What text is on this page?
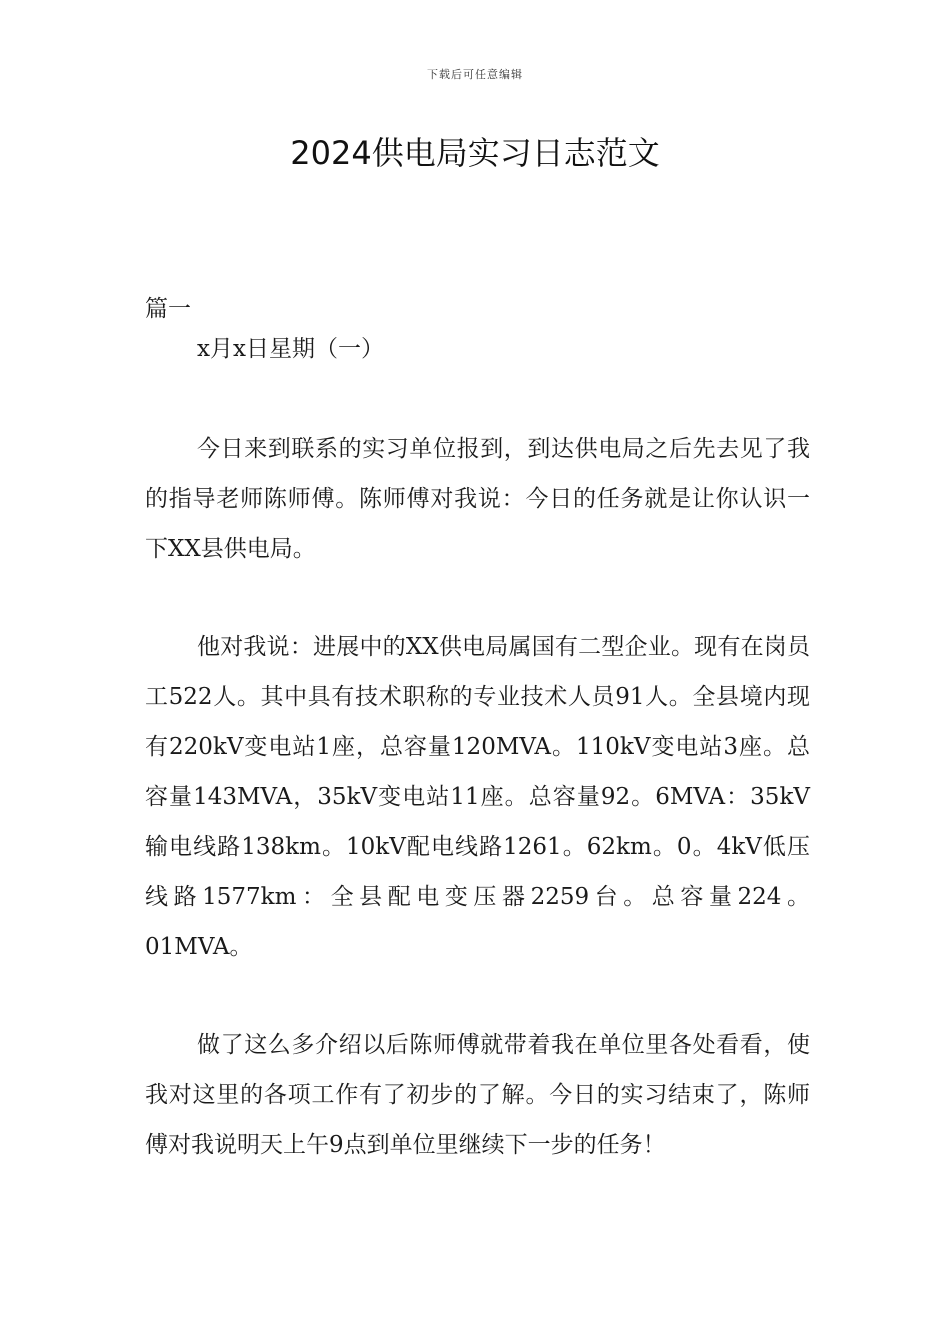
下载后可任意编辑
2024供电局实习日志范文

篇一

x月x日星期（一）

今日来到联系的实习单位报到，到达供电局之后先去见了我的指导老师陈师傅。陈师傅对我说：今日的任务就是让你认识一下XX县供电局。

他对我说：进展中的XX供电局属国有二型企业。现有在岗员工522人。其中具有技术职称的专业技术人员91人。全县境内现有220kV变电站1座，总容量120MVA。110kV变电站3座。总容量143MVA，35kV变电站11座。总容量92。6MVA：35kV输电线路138km。10kV配电线路1261。62km。0。4kV低压线路1577km：全县配电变压器2259台。总容量224。01MVA。

做了这么多介绍以后陈师傅就带着我在单位里各处看看，使我对这里的各项工作有了初步的了解。今日的实习结束了，陈师傅对我说明天上午9点到单位里继续下一步的任务！
